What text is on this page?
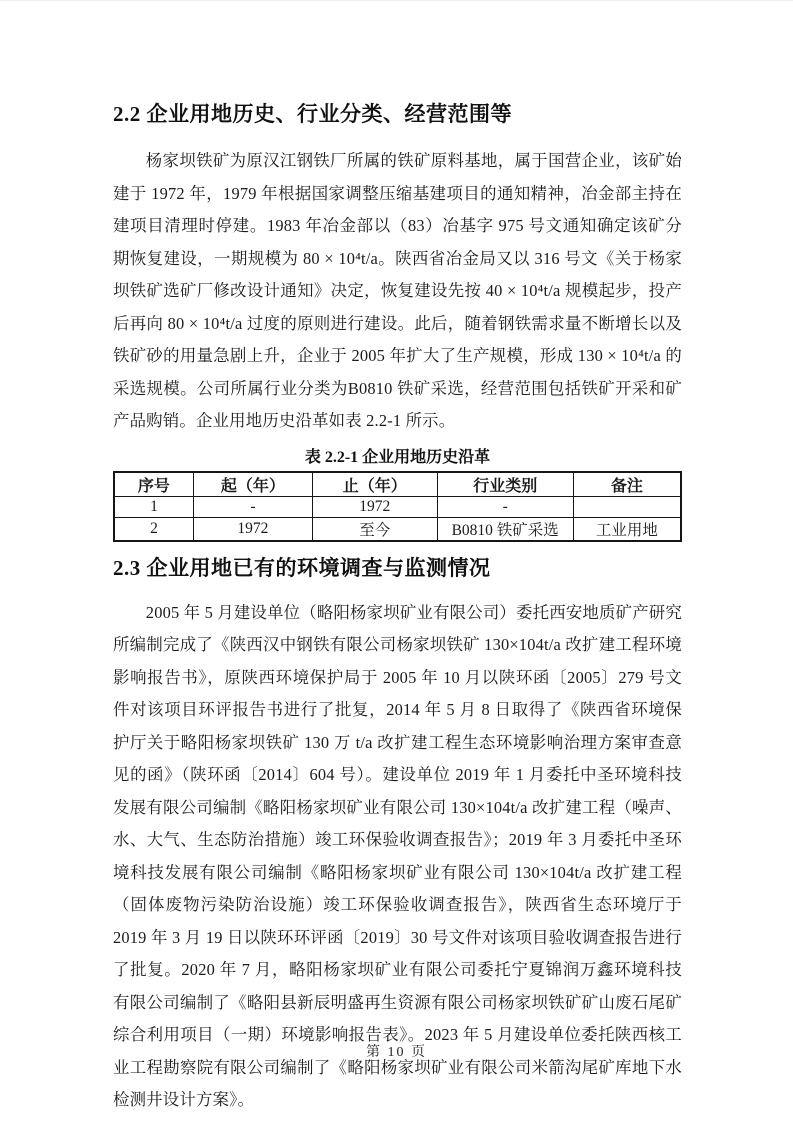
2.2 企业用地历史、行业分类、经营范围等

杨家坝铁矿为原汉江钢铁厂所属的铁矿原料基地，属于国营企业，该矿始建于 1972 年，1979 年根据国家调整压缩基建项目的通知精神，冶金部主持在建项目清理时停建。1983 年冶金部以（83）冶基字 975 号文通知确定该矿分期恢复建设，一期规模为 80 × 10⁴t/a。陕西省冶金局又以 316 号文《关于杨家坝铁矿选矿厂修改设计通知》决定，恢复建设先按 40 × 10⁴t/a 规模起步，投产后再向 80 × 10⁴t/a 过度的原则进行建设。此后，随着钢铁需求量不断增长以及铁矿砂的用量急剧上升，企业于 2005 年扩大了生产规模，形成 130 × 10⁴t/a 的采选规模。公司所属行业分类为B0810 铁矿采选，经营范围包括铁矿开采和矿产品购销。企业用地历史沿革如表 2.2-1 所示。

表 2.2-1 企业用地历史沿革
序号	起（年）	止（年）	行业类别	备注
1	-	1972	-	
2	1972	至今	B0810 铁矿采选	工业用地
2.3 企业用地已有的环境调查与监测情况

2005 年 5 月建设单位（略阳杨家坝矿业有限公司）委托西安地质矿产研究所编制完成了《陕西汉中钢铁有限公司杨家坝铁矿 130×104t/a 改扩建工程环境影响报告书》，原陕西环境保护局于 2005 年 10 月以陕环函〔2005〕279 号文件对该项目环评报告书进行了批复，2014 年 5 月 8 日取得了《陕西省环境保护厅关于略阳杨家坝铁矿 130 万 t/a 改扩建工程生态环境影响治理方案审查意见的函》（陕环函〔2014〕604 号）。建设单位 2019 年 1 月委托中圣环境科技发展有限公司编制《略阳杨家坝矿业有限公司 130×104t/a 改扩建工程（噪声、水、大气、生态防治措施）竣工环保验收调查报告》；2019 年 3 月委托中圣环境科技发展有限公司编制《略阳杨家坝矿业有限公司 130×104t/a 改扩建工程（固体废物污染防治设施）竣工环保验收调查报告》，陕西省生态环境厅于 2019 年 3 月 19 日以陕环环评函〔2019〕30 号文件对该项目验收调查报告进行了批复。2020 年 7 月，略阳杨家坝矿业有限公司委托宁夏锦润万鑫环境科技有限公司编制了《略阳县新辰明盛再生资源有限公司杨家坝铁矿矿山废石尾矿综合利用项目（一期）环境影响报告表》。2023 年 5 月建设单位委托陕西核工业工程勘察院有限公司编制了《略阳杨家坝矿业有限公司米箭沟尾矿库地下水检测井设计方案》。

第 10 页
